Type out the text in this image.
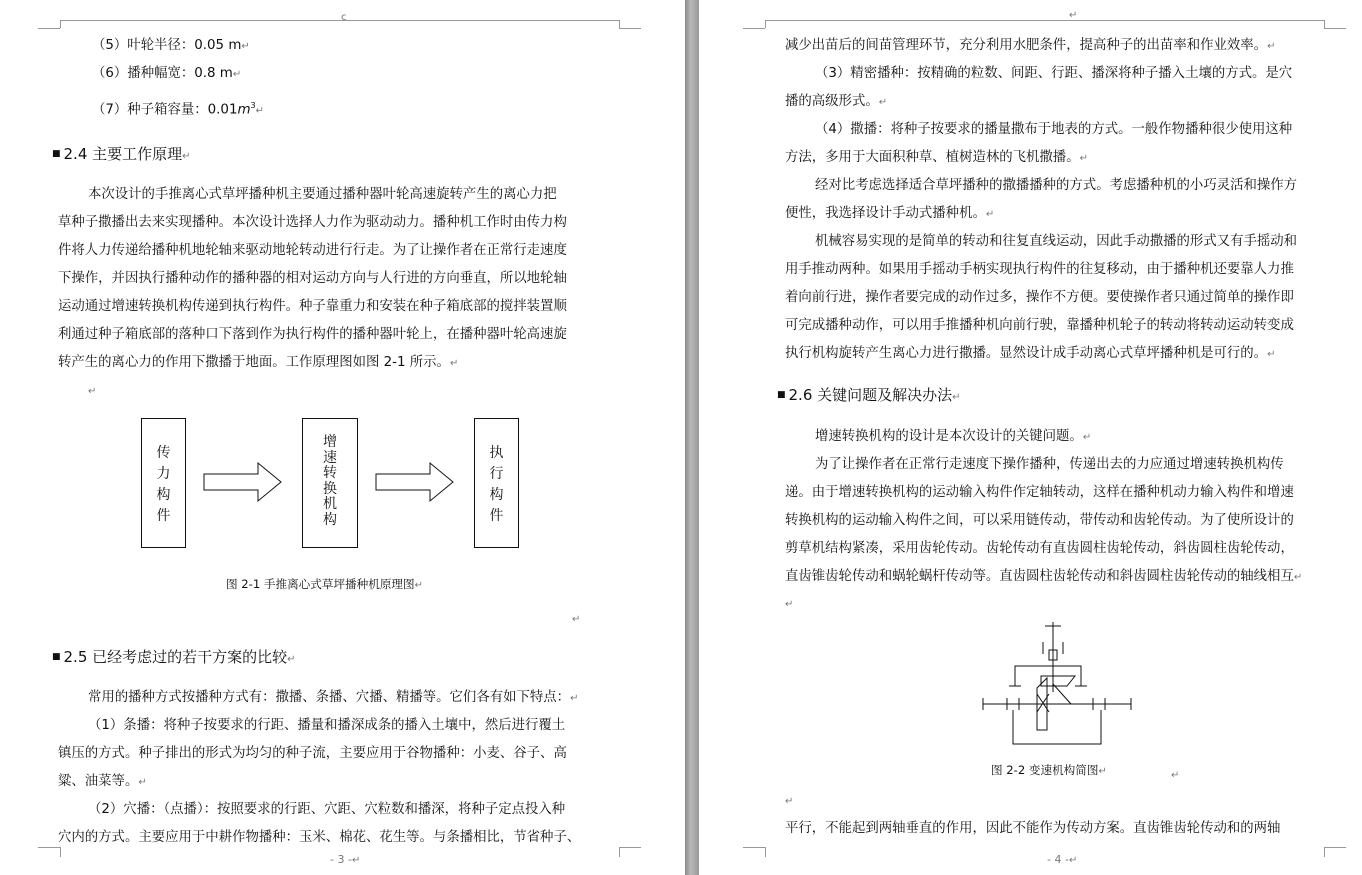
c
（5）叶轮半径：0.05 m↵
（6）播种幅宽：0.8 m↵
（7）种子箱容量：$0.01m^3↵$
■ 2.4 主要工作原理↵
本次设计的手推离心式草坪播种机主要通过播种器叶轮高速旋转产生的离心力把
草种子撒播出去来实现播种。本次设计选择人力作为驱动动力。播种机工作时由传力构
件将人力传递给播种机地轮轴来驱动地轮转动进行行走。为了让操作者在正常行走速度
下操作，并因执行播种动作的播种器的相对运动方向与人行进的方向垂直，所以地轮轴
运动通过增速转换机构传递到执行构件。种子靠重力和安装在种子箱底部的搅拌装置顺
利通过种子箱底部的落种口下落到作为执行构件的播种器叶轮上，在播种器叶轮高速旋
转产生的离心力的作用下撒播于地面。工作原理图如图 2-1 所示。↵
↵
传
力
构
件
增
速
转
换
机
构
执
行
构
件
图 2-1 手推离心式草坪播种机原理图↵
↵
■ 2.5 已经考虑过的若干方案的比较↵
常用的播种方式按播种方式有：撒播、条播、穴播、精播等。它们各有如下特点：↵
（1）条播：将种子按要求的行距、播量和播深成条的播入土壤中，然后进行覆土
镇压的方式。种子排出的形式为均匀的种子流，主要应用于谷物播种：小麦、谷子、高
粱、油菜等。↵
（2）穴播：（点播）：按照要求的行距、穴距、穴粒数和播深，将种子定点投入种
穴内的方式。主要应用于中耕作物播种：玉米、棉花、花生等。与条播相比，节省种子、
- 3 -↵
↵
减少出苗后的间苗管理环节，充分利用水肥条件，提高种子的出苗率和作业效率。↵
（3）精密播种：按精确的粒数、间距、行距、播深将种子播入土壤的方式。是穴
播的高级形式。↵
（4）撒播：将种子按要求的播量撒布于地表的方式。一般作物播种很少使用这种
方法，多用于大面积种草、植树造林的飞机撒播。↵
经对比考虑选择适合草坪播种的撒播播种的方式。考虑播种机的小巧灵活和操作方
便性，我选择设计手动式播种机。↵
机械容易实现的是简单的转动和往复直线运动，因此手动撒播的形式又有手摇动和
用手推动两种。如果用手摇动手柄实现执行构件的往复移动，由于播种机还要靠人力推
着向前行进，操作者要完成的动作过多，操作不方便。要使操作者只通过简单的操作即
可完成播种动作，可以用手推播种机向前行驶，靠播种机轮子的转动将转动运动转变成
执行机构旋转产生离心力进行撒播。显然设计成手动离心式草坪播种机是可行的。↵
■ 2.6 关键问题及解决办法↵
增速转换机构的设计是本次设计的关键问题。↵
为了让操作者在正常行走速度下操作播种，传递出去的力应通过增速转换机构传
递。由于增速转换机构的运动输入构件作定轴转动，这样在播种机动力输入构件和增速
转换机构的运动输入构件之间，可以采用链传动，带传动和齿轮传动。为了使所设计的
剪草机结构紧凑，采用齿轮传动。齿轮传动有直齿圆柱齿轮传动，斜齿圆柱齿轮传动，
直齿锥齿轮传动和蜗轮蜗杆传动等。直齿圆柱齿轮传动和斜齿圆柱齿轮传动的轴线相互↵
↵
图 2-2 变速机构简图↵	↵
↵
平行，不能起到两轴垂直的作用，因此不能作为传动方案。直齿锥齿轮传动和的两轴
- 4 -↵
